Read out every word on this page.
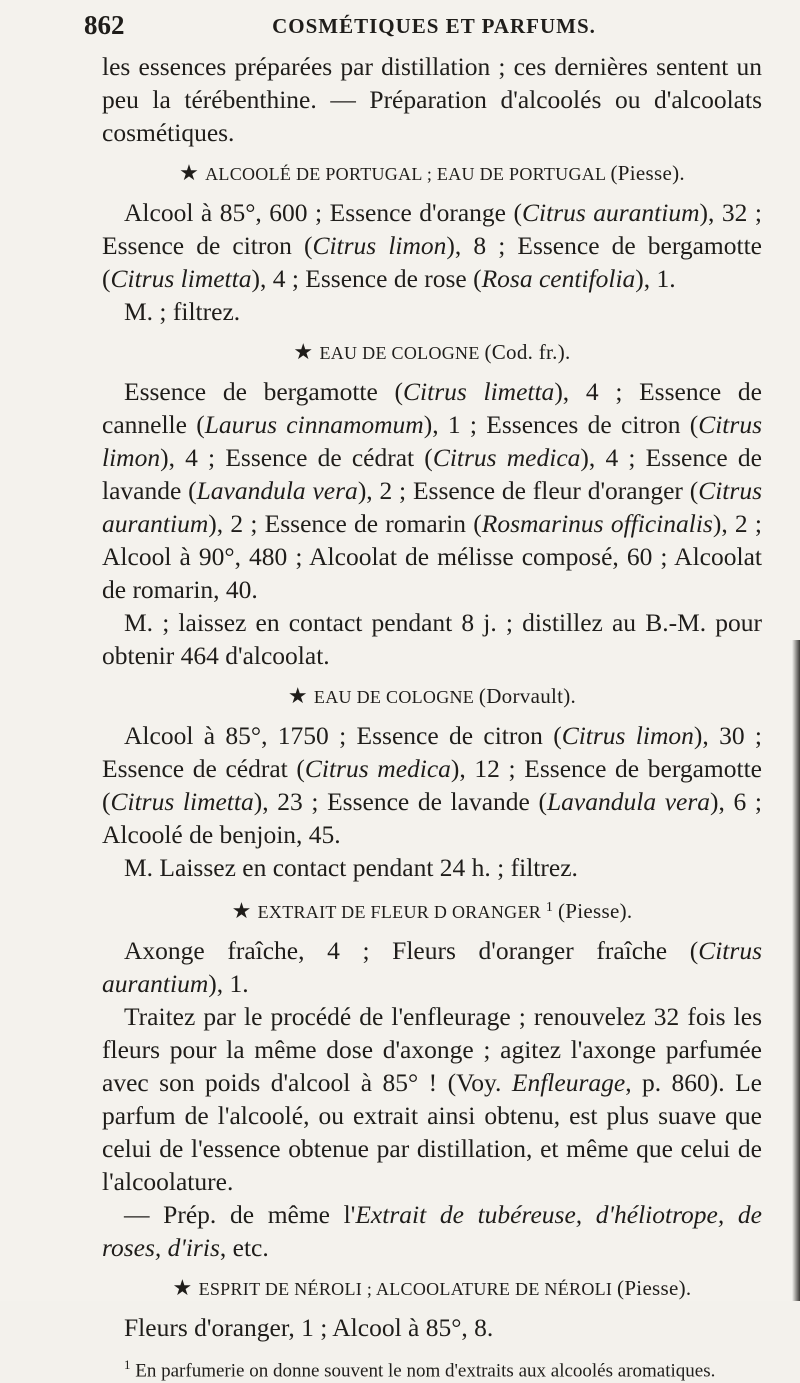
862	COSMÉTIQUES ET PARFUMS.

les essences préparées par distillation ; ces dernières sentent un peu la térébenthine. — Préparation d'alcoolés ou d'alcoolats cosmétiques.

★ ALCOOLÉ DE PORTUGAL ; EAU DE PORTUGAL (Piesse).

Alcool à 85°, 600 ; Essence d'orange (Citrus aurantium), 32 ; Essence de citron (Citrus limon), 8 ; Essence de bergamotte (Citrus limetta), 4 ; Essence de rose (Rosa centifolia), 1.

M. ; filtrez.

★ EAU DE COLOGNE (Cod. fr.).

Essence de bergamotte (Citrus limetta), 4 ; Essence de cannelle (Laurus cinnamomum), 1 ; Essences de citron (Citrus limon), 4 ; Essence de cédrat (Citrus medica), 4 ; Essence de lavande (Lavandula vera), 2 ; Essence de fleur d'oranger (Citrus aurantium), 2 ; Essence de romarin (Rosmarinus officinalis), 2 ; Alcool à 90°, 480 ; Alcoolat de mélisse composé, 60 ; Alcoolat de romarin, 40.

M. ; laissez en contact pendant 8 j. ; distillez au B.-M. pour obtenir 464 d'alcoolat.

★ EAU DE COLOGNE (Dorvault).

Alcool à 85°, 1750 ; Essence de citron (Citrus limon), 30 ; Essence de cédrat (Citrus medica), 12 ; Essence de bergamotte (Citrus limetta), 23 ; Essence de lavande (Lavandula vera), 6 ; Alcoolé de benjoin, 45.

M. Laissez en contact pendant 24 h. ; filtrez.

★ EXTRAIT DE FLEUR D ORANGER $^1$ (Piesse).

Axonge fraîche, 4 ; Fleurs d'oranger fraîche (Citrus aurantium), 1.

Traitez par le procédé de l'enfleurage ; renouvelez 32 fois les fleurs pour la même dose d'axonge ; agitez l'axonge parfumée avec son poids d'alcool à 85° ! (Voy. Enfleurage, p. 860). Le parfum de l'alcoolé, ou extrait ainsi obtenu, est plus suave que celui de l'essence obtenue par distillation, et même que celui de l'alcoolature.

— Prép. de même l'Extrait de tubéreuse, d'héliotrope, de roses, d'iris, etc.

★ ESPRIT DE NÉROLI ; ALCOOLATURE DE NÉROLI (Piesse).

Fleurs d'oranger, 1 ; Alcool à 85°, 8.

$^1$ En parfumerie on donne souvent le nom d'extraits aux alcoolés aromatiques.
